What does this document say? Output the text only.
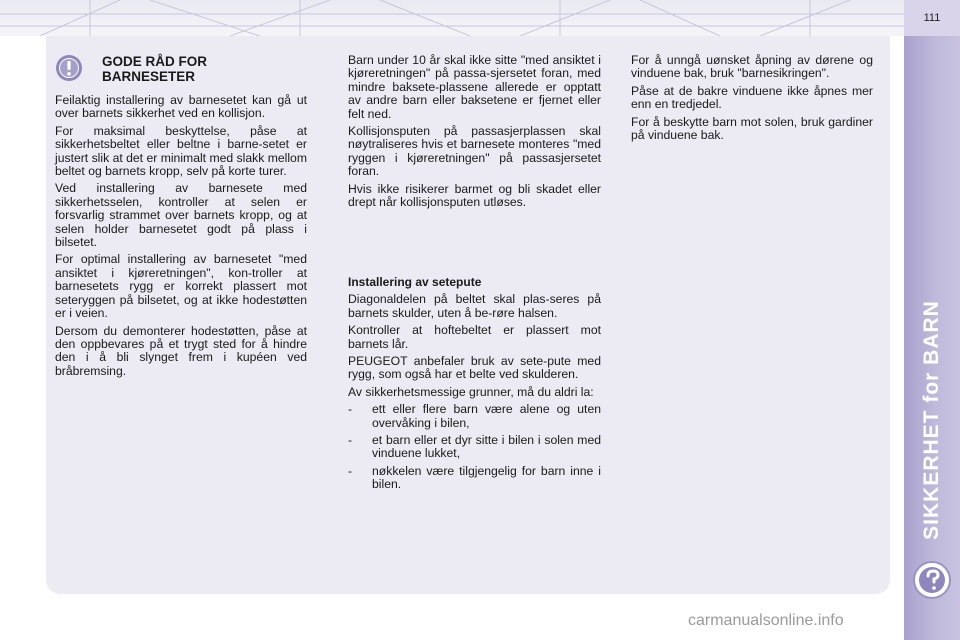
111
SIKKERHET for BARN
GODE RÅD FOR BARNESETER

Feilaktig installering av barnesetet kan gå ut over barnets sikkerhet ved en kollisjon.

For maksimal beskyttelse, påse at sikkerhetsbeltet eller beltne i barne-setet er justert slik at det er minimalt med slakk mellom beltet og barnets kropp, selv på korte turer.

Ved installering av barnesete med sikkerhetsselen, kontroller at selen er forsvarlig strammet over barnets kropp, og at selen holder barnesetet godt på plass i bilsetet.

For optimal installering av barnesetet "med ansiktet i kjøreretningen", kon-troller at barnesetets rygg er korrekt plassert mot seteryggen på bilsetet, og at ikke hodestøtten er i veien.

Dersom du demonterer hodestøtten, påse at den oppbevares på et trygt sted for å hindre den i å bli slynget frem i kupéen ved bråbremsing.

Barn under 10 år skal ikke sitte "med ansiktet i kjøreretningen" på passa-sjersetet foran, med mindre baksete-plassene allerede er opptatt av andre barn eller baksetene er fjernet eller felt ned.

Kollisjonsputen på passasjerplassen skal nøytraliseres hvis et barnesete monteres "med ryggen i kjøreretningen" på passasjersetet foran.

Hvis ikke risikerer barmet og bli skadet eller drept når kollisjonsputen utløses.

Installering av setepute

Diagonaldelen på beltet skal plas-seres på barnets skulder, uten å be-røre halsen.

Kontroller at hoftebeltet er plassert mot barnets lår.

PEUGEOT anbefaler bruk av sete-pute med rygg, som også har et belte ved skulderen.

Av sikkerhetsmessige grunner, må du aldri la:

-	ett eller flere barn være alene og uten overvåking i bilen,
-	et barn eller et dyr sitte i bilen i solen med vinduene lukket,
-	nøkkelen være tilgjengelig for barn inne i bilen.

For å unngå uønsket åpning av dørene og vinduene bak, bruk "barnesikringen".

Påse at de bakre vinduene ikke åpnes mer enn en tredjedel.

For å beskytte barn mot solen, bruk gardiner på vinduene bak.

carmanualsonline.info
